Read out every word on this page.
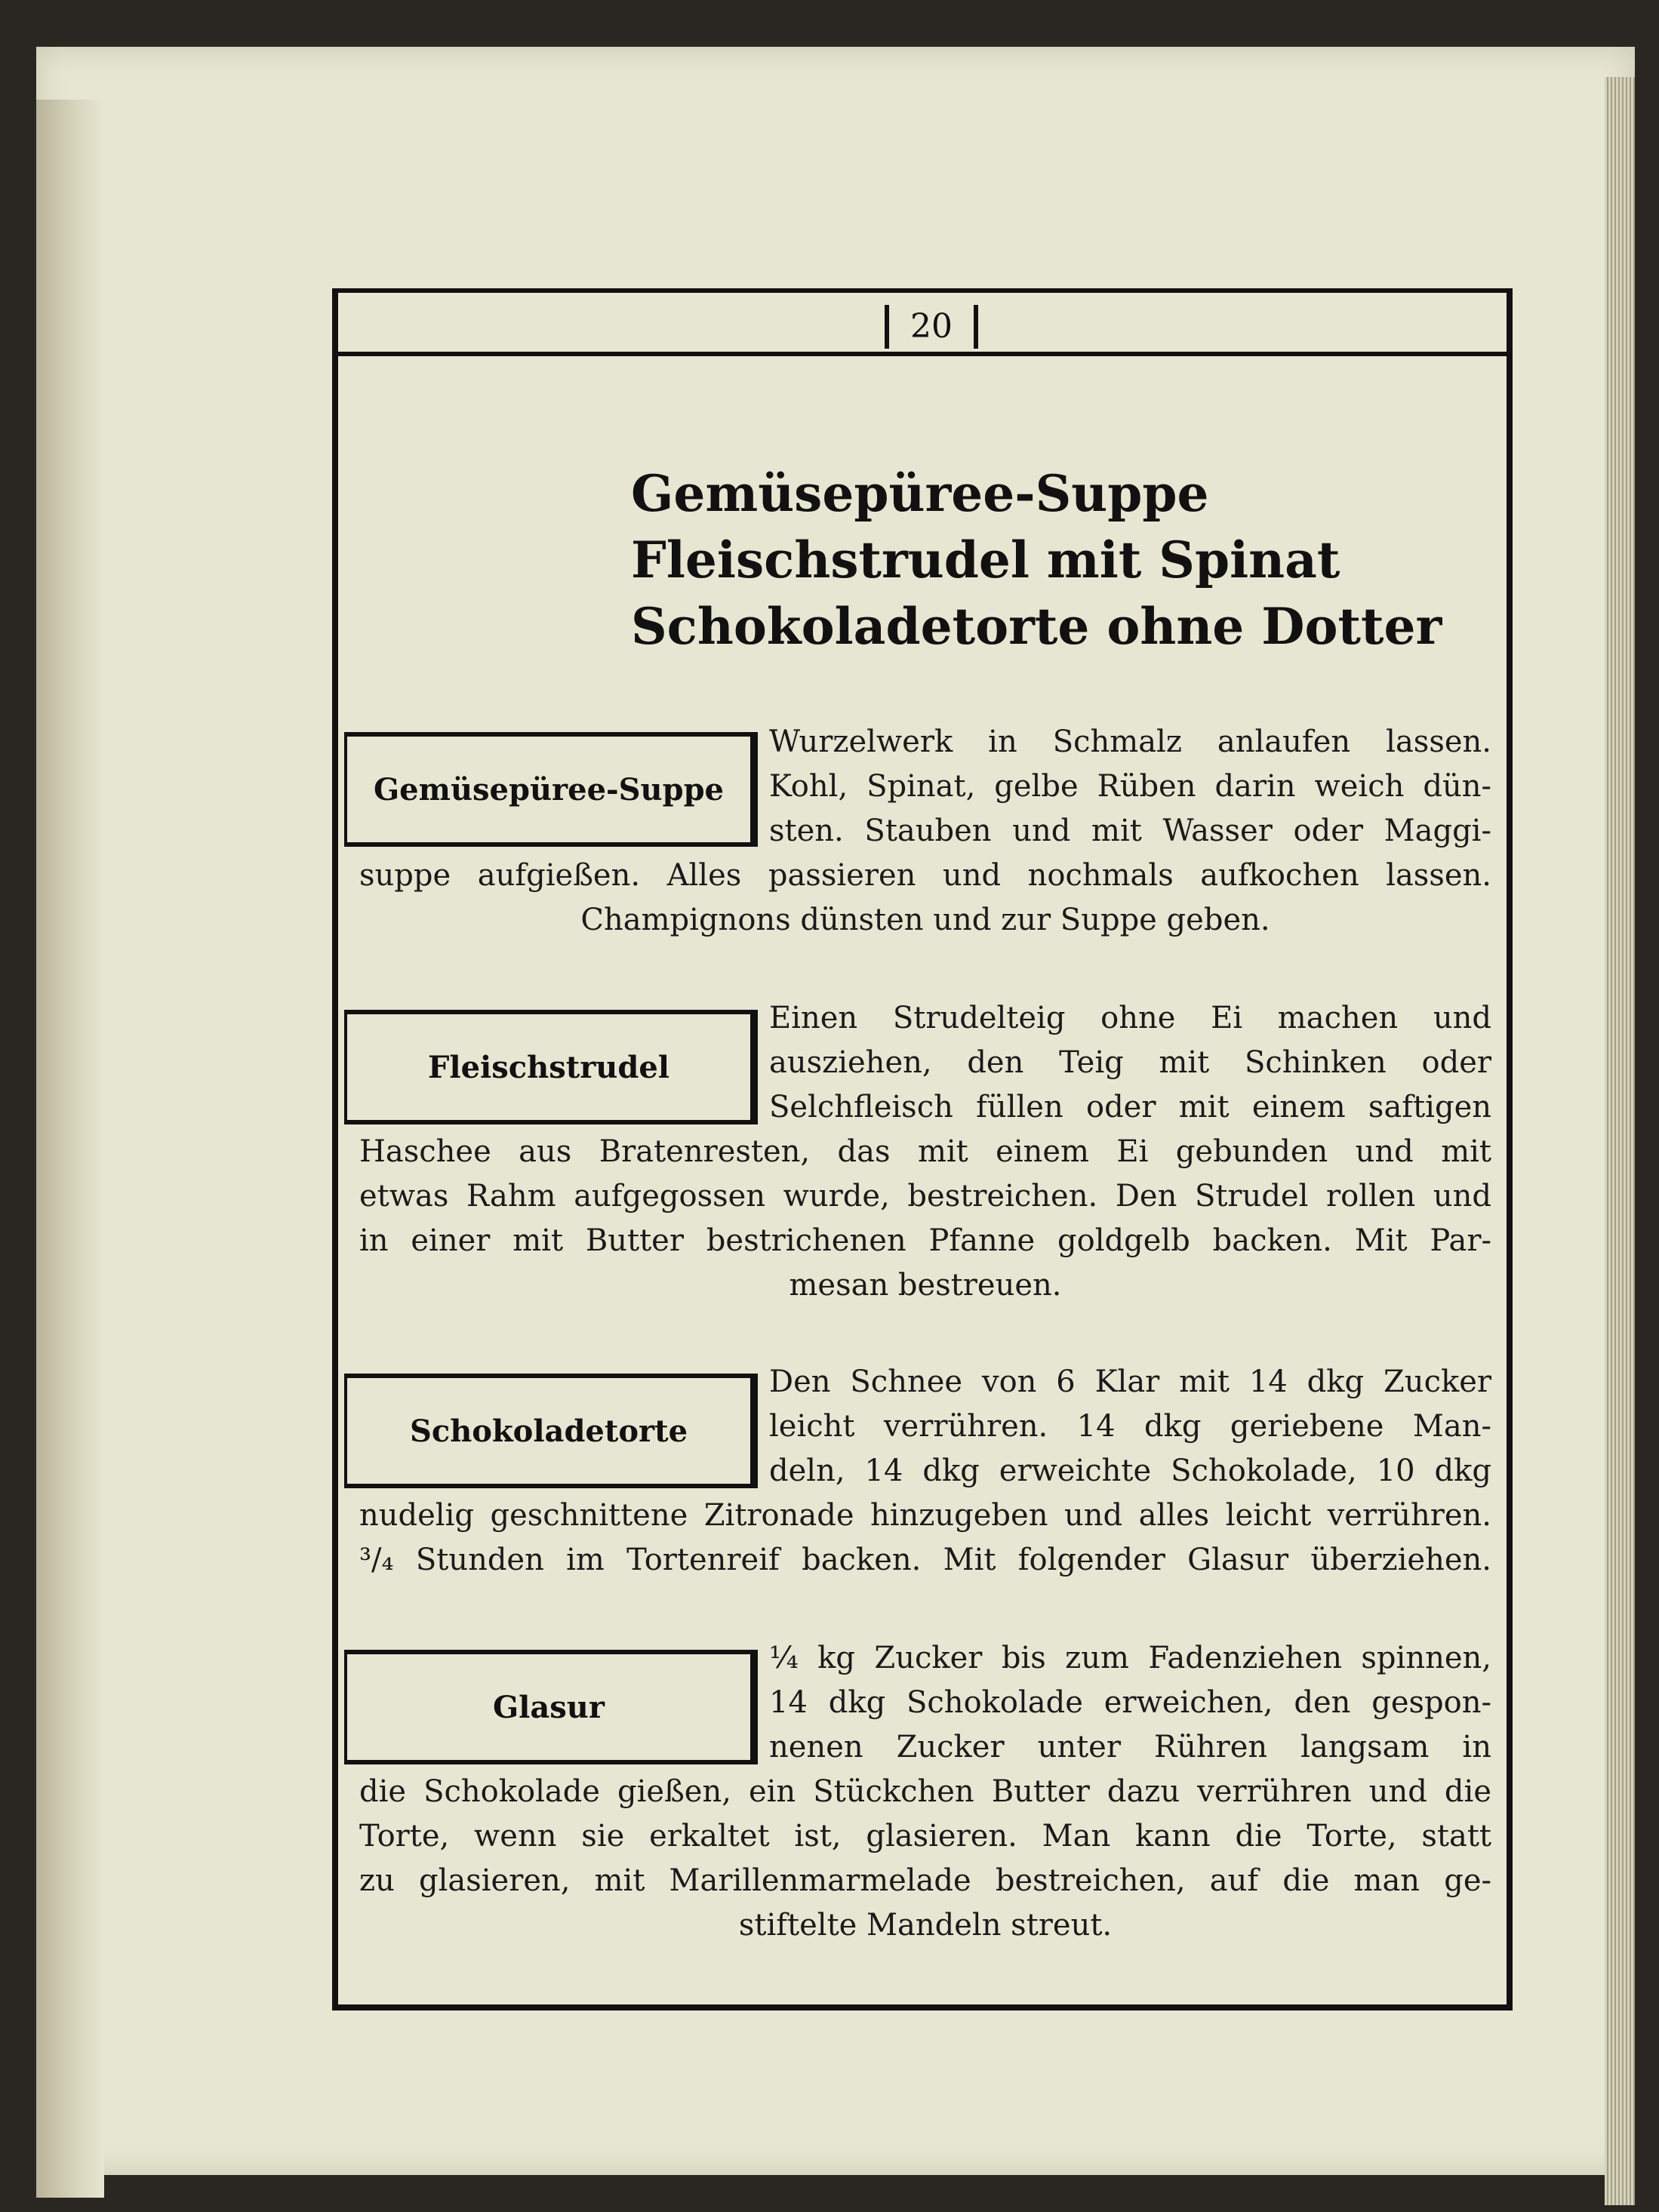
20
Gemüsepüree-Suppe
Fleischstrudel mit Spinat
Schokoladetorte ohne Dotter
Gemüsepüree-Suppe
Wurzelwerk in Schmalz anlaufen lassen.
Kohl, Spinat, gelbe Rüben darin weich dün-
sten. Stauben und mit Wasser oder Maggi-
suppe aufgießen. Alles passieren und nochmals aufkochen lassen.
Champignons dünsten und zur Suppe geben.
Fleischstrudel
Einen Strudelteig ohne Ei machen und
ausziehen, den Teig mit Schinken oder
Selchfleisch füllen oder mit einem saftigen
Haschee aus Bratenresten, das mit einem Ei gebunden und mit
etwas Rahm aufgegossen wurde, bestreichen. Den Strudel rollen und
in einer mit Butter bestrichenen Pfanne goldgelb backen. Mit Par-
mesan bestreuen.
Schokoladetorte
Den Schnee von 6 Klar mit 14 dkg Zucker
leicht verrühren. 14 dkg geriebene Man-
deln, 14 dkg erweichte Schokolade, 10 dkg
nudelig geschnittene Zitronade hinzugeben und alles leicht verrühren.
³/₄ Stunden im Tortenreif backen. Mit folgender Glasur überziehen.
Glasur
¼ kg Zucker bis zum Fadenziehen spinnen,
14 dkg Schokolade erweichen, den gespon-
nenen Zucker unter Rühren langsam in
die Schokolade gießen, ein Stückchen Butter dazu verrühren und die
Torte, wenn sie erkaltet ist, glasieren. Man kann die Torte, statt
zu glasieren, mit Marillenmarmelade bestreichen, auf die man ge-
stiftelte Mandeln streut.
